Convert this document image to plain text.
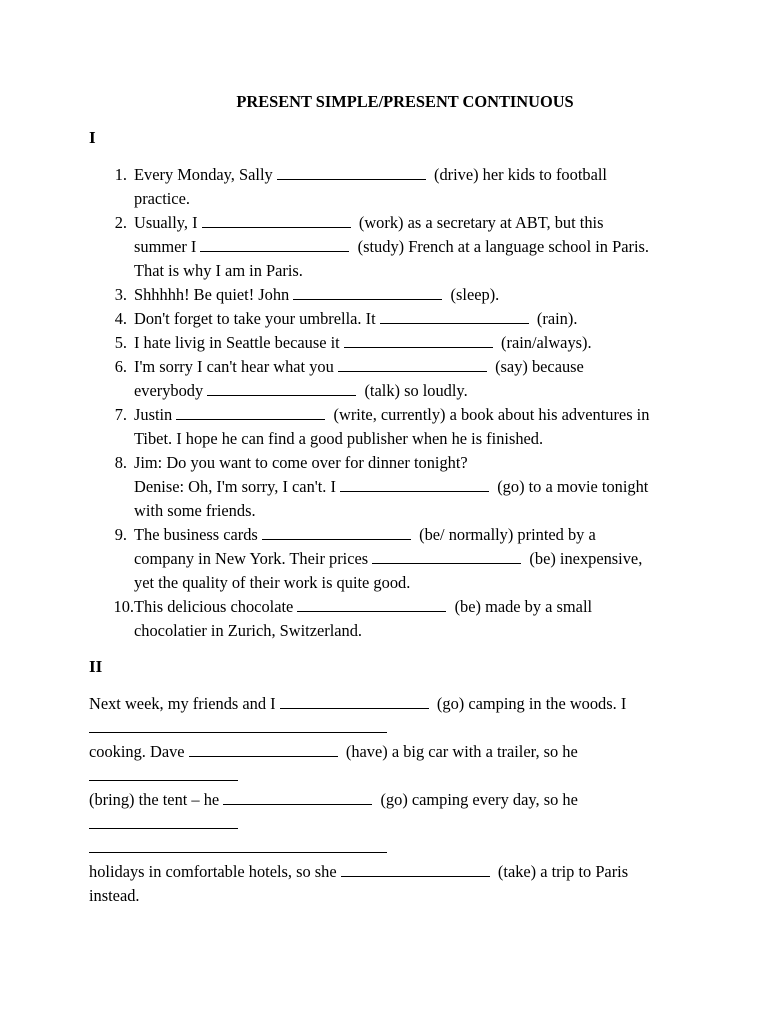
PRESENT SIMPLE/PRESENT CONTINUOUS
I
1. Every Monday, Sally	(drive) her kids to football
practice.
2. Usually, I	(work) as a secretary at ABT, but this
summer I	(study) French at a language school in Paris.
That is why I am in Paris.
3. Shhhhh! Be quiet! John	(sleep).
4. Don't forget to take your umbrella. It	(rain).
5. I hate livig in Seattle because it	(rain/always).
6. I'm sorry I can't hear what you	(say) because
everybody	(talk) so loudly.
7. Justin	(write, currently) a book about his adventures in
Tibet. I hope he can find a good publisher when he is finished.
8. Jim: Do you want to come over for dinner tonight?
Denise: Oh, I'm sorry, I can't. I	(go) to a movie tonight
with some friends.
9. The business cards	(be/ normally) printed by a
company in New York. Their prices	(be) inexpensive,
yet the quality of their work is quite good.
10. This delicious chocolate	(be) made by a small
chocolatier in Zurich, Switzerland.
II
Next week, my friends and I	(go) camping in the woods. I
cooking. Dave	(have) a big car with a trailer, so he
(bring) the tent – he	(go) camping every day, so he
holidays in comfortable hotels, so she	(take) a trip to Paris
instead.
